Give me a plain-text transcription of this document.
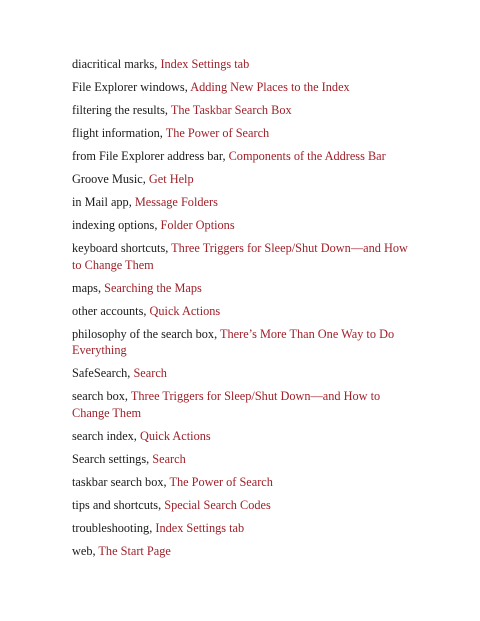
diacritical marks, Index Settings tab
File Explorer windows, Adding New Places to the Index
filtering the results, The Taskbar Search Box
flight information, The Power of Search
from File Explorer address bar, Components of the Address Bar
Groove Music, Get Help
in Mail app, Message Folders
indexing options, Folder Options
keyboard shortcuts, Three Triggers for Sleep/Shut Down—and How to Change Them
maps, Searching the Maps
other accounts, Quick Actions
philosophy of the search box, There’s More Than One Way to Do Everything
SafeSearch, Search
search box, Three Triggers for Sleep/Shut Down—and How to Change Them
search index, Quick Actions
Search settings, Search
taskbar search box, The Power of Search
tips and shortcuts, Special Search Codes
troubleshooting, Index Settings tab
web, The Start Page
